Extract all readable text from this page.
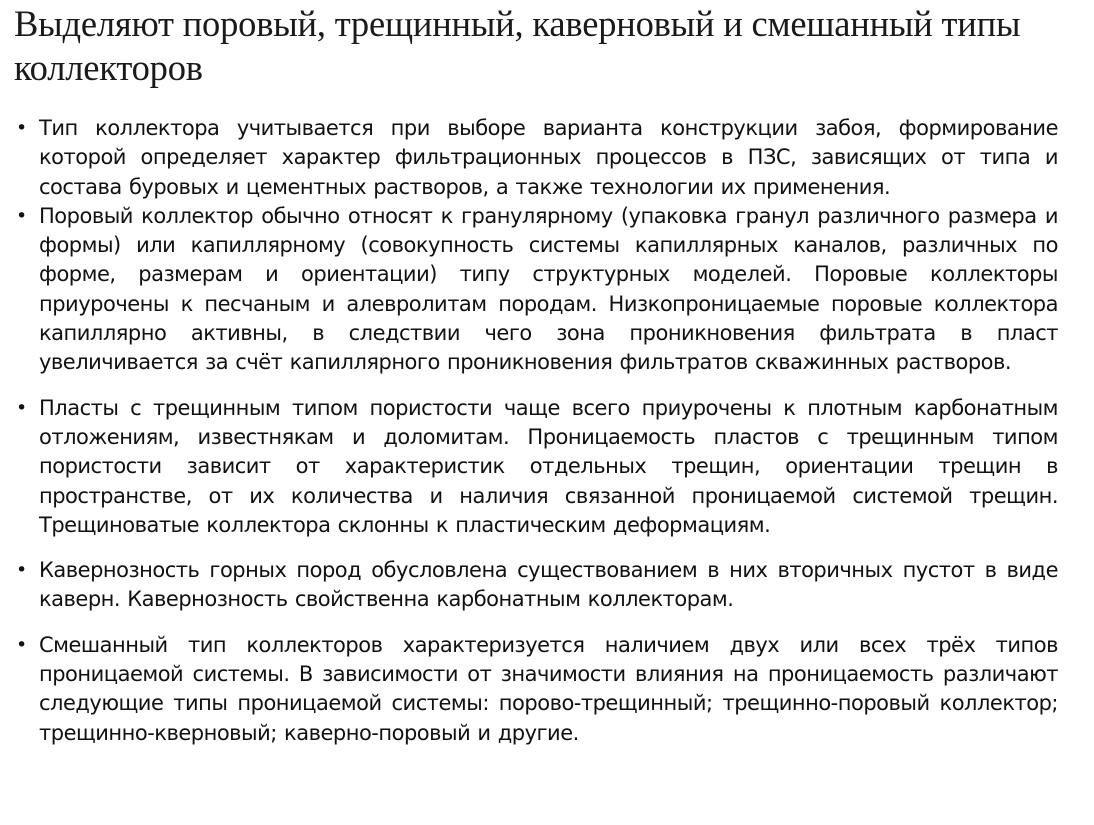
Выделяют поровый, трещинный, каверновый и смешанный типы коллекторов
• Тип коллектора учитывается при выборе варианта конструкции забоя, формирование которой определяет характер фильтрационных процессов в ПЗС, зависящих от типа и состава буровых и цементных растворов, а также технологии их применения.
• Поровый коллектор обычно относят к гранулярному (упаковка гранул различного размера и формы) или капиллярному (совокупность системы капиллярных каналов, различных по форме, размерам и ориентации) типу структурных моделей. Поровые коллекторы приурочены к песчаным и алевролитам породам. Низкопроницаемые поровые коллектора капиллярно активны, в следствии чего зона проникновения фильтрата в пласт увеличивается за счёт капиллярного проникновения фильтратов скважинных растворов.
• Пласты с трещинным типом пористости чаще всего приурочены к плотным карбонатным отложениям, известнякам и доломитам. Проницаемость пластов с трещинным типом пористости зависит от характеристик отдельных трещин, ориентации трещин в пространстве, от их количества и наличия связанной проницаемой системой трещин. Трещиноватые коллектора склонны к пластическим деформациям.
• Кавернозность горных пород обусловлена существованием в них вторичных пустот в виде каверн. Кавернозность свойственна карбонатным коллекторам.
• Смешанный тип коллекторов характеризуется наличием двух или всех трёх типов проницаемой системы. В зависимости от значимости влияния на проницаемость различают следующие типы проницаемой системы: порово-трещинный; трещинно-поровый коллектор; трещинно-кверновый; каверно-поровый и другие.
